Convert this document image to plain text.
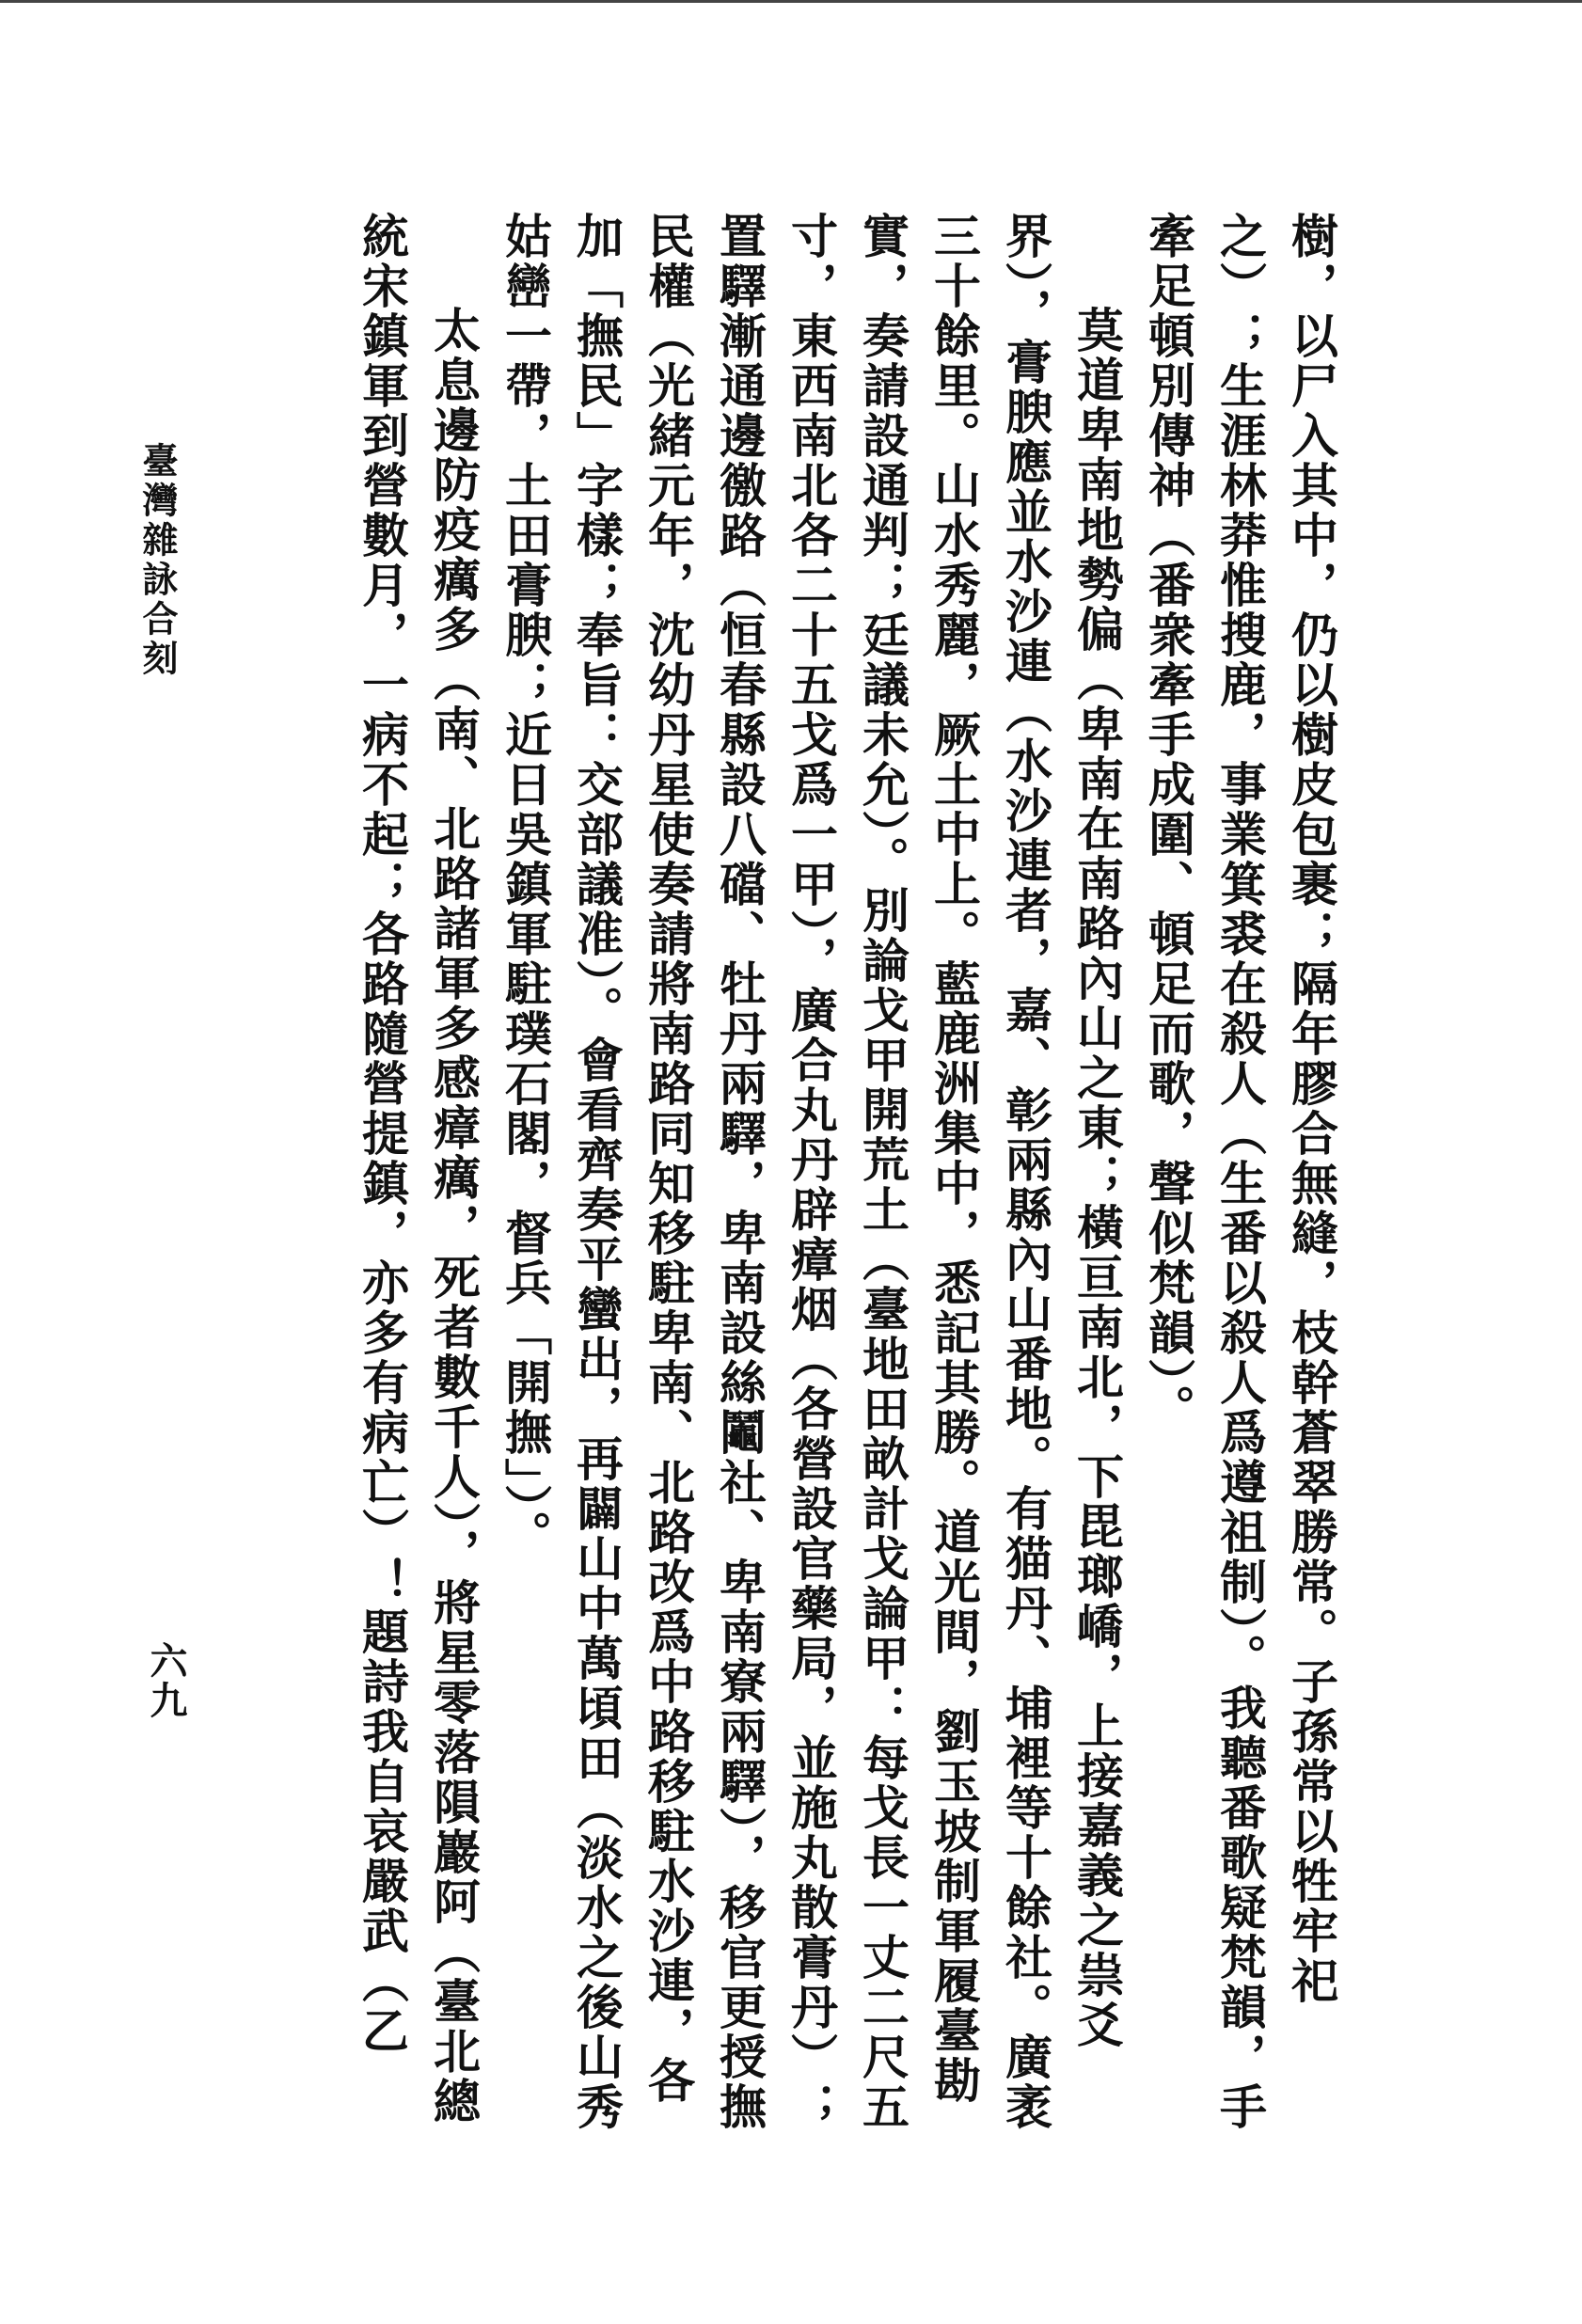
樹，以尸入其中，仍以樹皮包裹；隔年膠合無縫，枝幹蒼翠勝常。子孫常以牲牢祀之）；生涯林莽惟搜鹿，事業箕裘在殺人（生番以殺人爲遵祖制）。我聽番歌疑梵韻，手牽足頓別傳神（番衆牽手成圍、頓足而歌，聲似梵韻）。

莫道卑南地勢偏（卑南在南路內山之東；橫亘南北，下毘瑯嶠，上接嘉義之祟爻界），膏腴應並水沙連（水沙連者，嘉、彰兩縣內山番地。有猫丹、埔裡等十餘社。廣袤三十餘里。山水秀麗，厥土中上。藍鹿洲集中，悉記其勝。道光間，劉玉坡制軍履臺勘實，奏請設通判；廷議未允）。別論戈甲開荒土（臺地田畝計戈論甲：每戈長一丈二尺五寸，東西南北各二十五戈爲一甲），廣合丸丹辟瘴烟（各營設官藥局，並施丸散膏丹）；置驛漸通邊徼路（恒春縣設八礑、牡丹兩驛，卑南設絲鬮社、卑南寮兩驛），移官更授撫民權（光緒元年，沈幼丹星使奏請將南路同知移駐卑南、北路改爲中路移駐水沙連，各加「撫民」字樣；奉旨：交部議准）。會看齊奏平蠻出，再闢山中萬頃田（淡水之後山秀姑巒一帶，土田膏腴；近日吳鎮軍駐璞石閣，督兵「開撫」）。

太息邊防疫癘多（南、北路諸軍多感瘴癘，死者數千人），將星零落隕巖阿（臺北總統宋鎮軍到營數月，一病不起；各路隨營提鎮，亦多有病亡）！題詩我自哀嚴武（乙

六九
臺灣雜詠合刻
